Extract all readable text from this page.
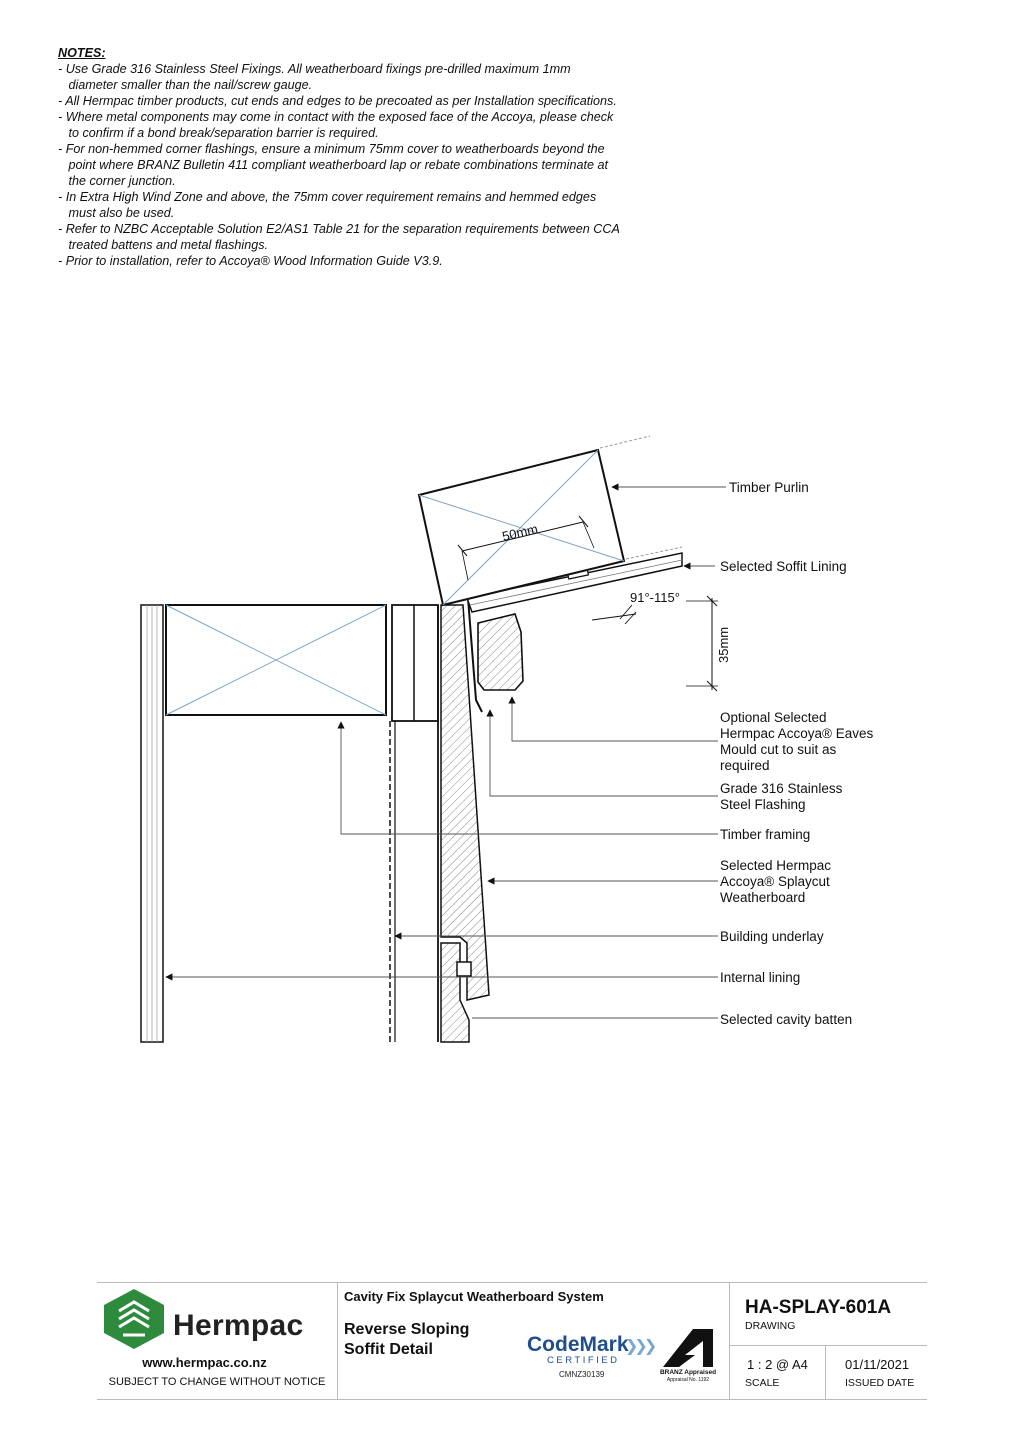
NOTES:
- Use Grade 316 Stainless Steel Fixings. All weatherboard fixings pre-drilled maximum 1mm
diameter smaller than the nail/screw gauge.
- All Hermpac timber products, cut ends and edges to be precoated as per Installation specifications.
- Where metal components may come in contact with the exposed face of the Accoya, please check
to confirm if a bond break/separation barrier is required.
- For non-hemmed corner flashings, ensure a minimum 75mm cover to weatherboards beyond the
point where BRANZ Bulletin 411 compliant weatherboard lap or rebate combinations terminate at
the corner junction.
- In Extra High Wind Zone and above, the 75mm cover requirement remains and hemmed edges
must also be used.
- Refer to NZBC Acceptable Solution E2/AS1 Table 21 for the separation requirements between CCA
treated battens and metal flashings.
- Prior to installation, refer to Accoya® Wood Information Guide V3.9.
50mm
91°-115°
35mm
Timber Purlin
Selected Soffit Lining
Optional Selected
Hermpac Accoya® Eaves
Mould cut to suit as
required
Grade 316 Stainless
Steel Flashing
Timber framing
Selected Hermpac
Accoya® Splaycut
Weatherboard
Building underlay
Internal lining
Selected cavity batten
Hermpac
www.hermpac.co.nz
SUBJECT TO CHANGE WITHOUT NOTICE
Cavity Fix Splaycut Weatherboard System
Reverse Sloping
Soffit Detail	CodeMark
❯❯❯
CERTIFIED
CMNZ30139	BRANZ Appraised
Appraisal No. 1192
HA-SPLAY-601A
DRAWING
1 : 2 @ A4
SCALE
01/11/2021
ISSUED DATE
